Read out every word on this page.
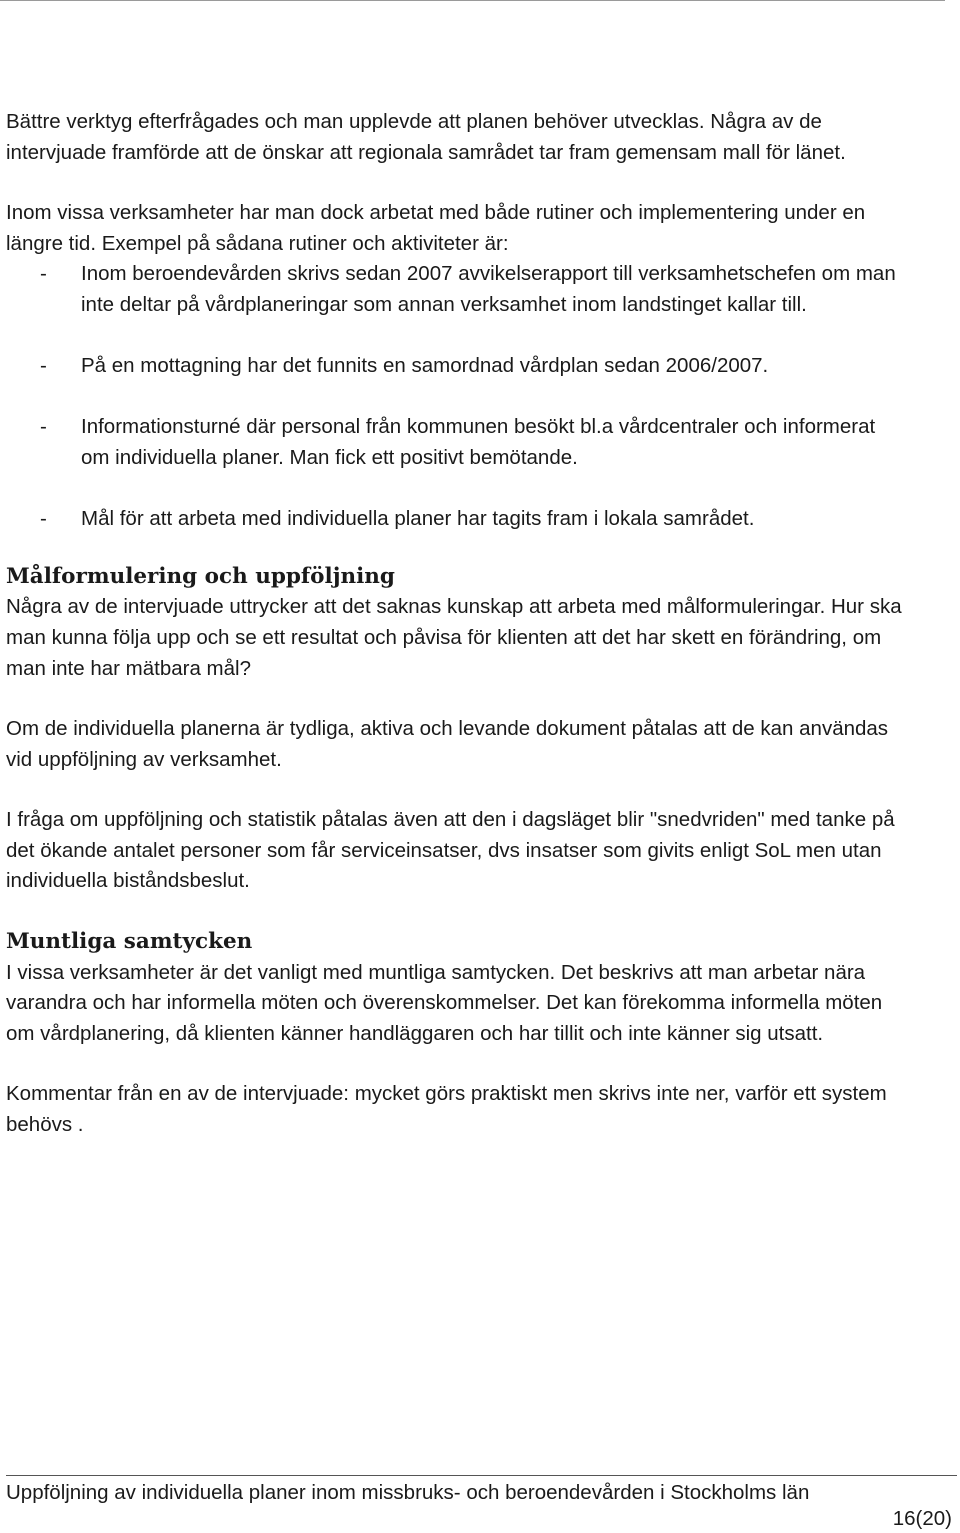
Bättre verktyg efterfrågades och man upplevde att planen behöver utvecklas. Några av de intervjuade framförde att de önskar att regionala samrådet tar fram gemensam mall för länet.

Inom vissa verksamheter har man dock arbetat med både rutiner och implementering under en längre tid. Exempel på sådana rutiner och aktiviteter är:

- Inom beroendevården skrivs sedan 2007 avvikelserapport till verksamhetschefen om man inte deltar på vårdplaneringar som annan verksamhet inom landstinget kallar till.
- På en mottagning har det funnits en samordnad vårdplan sedan 2006/2007.
- Informationsturné där personal från kommunen besökt bl.a vårdcentraler och informerat om individuella planer. Man fick ett positivt bemötande.
- Mål för att arbeta med individuella planer har tagits fram i lokala samrådet.
Målformulering och uppföljning

Några av de intervjuade uttrycker att det saknas kunskap att arbeta med målformuleringar. Hur ska man kunna följa upp och se ett resultat och påvisa för klienten att det har skett en förändring, om man inte har mätbara mål?

Om de individuella planerna är tydliga, aktiva och levande dokument påtalas att de kan användas vid uppföljning av verksamhet.

I fråga om uppföljning och statistik påtalas även att den i dagsläget blir "snedvriden" med tanke på det ökande antalet personer som får serviceinsatser, dvs insatser som givits enligt SoL men utan individuella biståndsbeslut.

Muntliga samtycken

I vissa verksamheter är det vanligt med muntliga samtycken. Det beskrivs att man arbetar nära varandra och har informella möten och överenskommelser. Det kan förekomma informella möten om vårdplanering, då klienten känner handläggaren och har tillit och inte känner sig utsatt.

Kommentar från en av de intervjuade: mycket görs praktiskt men skrivs inte ner, varför ett system behövs .

Uppföljning av individuella planer inom missbruks- och beroendevården i Stockholms län
16(20)
